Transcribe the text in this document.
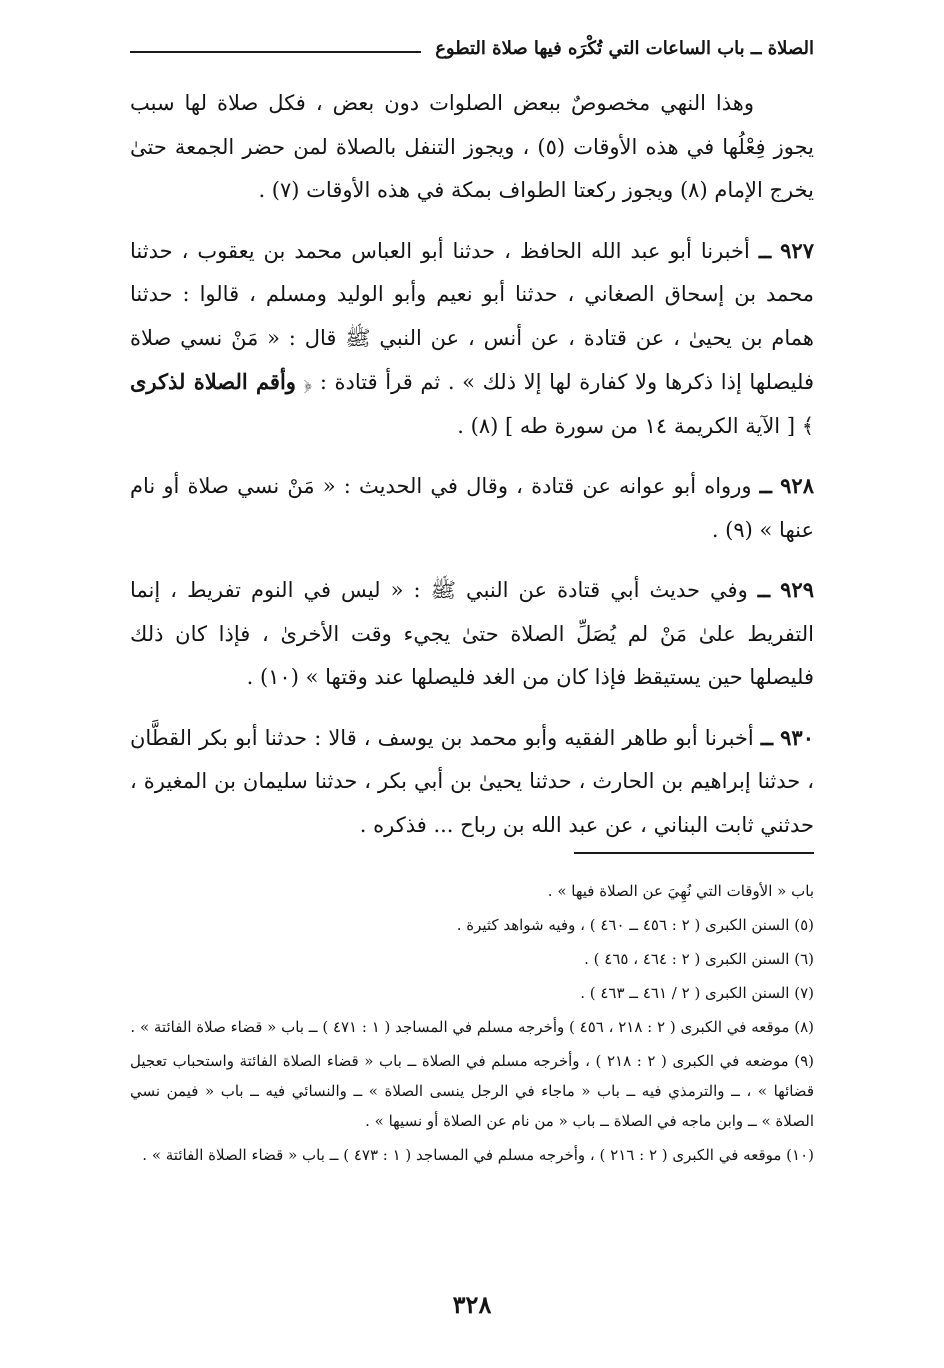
الصلاة ــ باب الساعات التي تُكْرَه فيها صلاة التطوع

وهذا النهي مخصوصٌ ببعض الصلوات دون بعض ، فكل صلاة لها سبب يجوز فِعْلُها في هذه الأوقات (٥) ، ويجوز التنفل بالصلاة لمن حضر الجمعة حتىٰ يخرج الإمام (٨) ويجوز ركعتا الطواف بمكة في هذه الأوقات (٧) .

٩٢٧ ــ أخبرنا أبو عبد الله الحافظ ، حدثنا أبو العباس محمد بن يعقوب ، حدثنا محمد بن إسحاق الصغاني ، حدثنا أبو نعيم وأبو الوليد ومسلم ، قالوا : حدثنا همام بن يحيىٰ ، عن قتادة ، عن أنس ، عن النبي ﷺ قال : « مَنْ نسي صلاة فليصلها إذا ذكرها ولا كفارة لها إلا ذلك » . ثم قرأ قتادة : ﴿ وأقم الصلاة لذكرى ﴾ [ الآية الكريمة ١٤ من سورة طه ] (٨) .

٩٢٨ ــ ورواه أبو عوانه عن قتادة ، وقال في الحديث : « مَنْ نسي صلاة أو نام عنها » (٩) .

٩٢٩ ــ وفي حديث أبي قتادة عن النبي ﷺ : « ليس في النوم تفريط ، إنما التفريط علىٰ مَنْ لم يُصَلِّ الصلاة حتىٰ يجيء وقت الأخرىٰ ، فإذا كان ذلك فليصلها حين يستيقظ فإذا كان من الغد فليصلها عند وقتها » (١٠) .

٩٣٠ ــ أخبرنا أبو طاهر الفقيه وأبو محمد بن يوسف ، قالا : حدثنا أبو بكر القطَّان ، حدثنا إبراهيم بن الحارث ، حدثنا يحيىٰ بن أبي بكر ، حدثنا سليمان بن المغيرة ، حدثني ثابت البناني ، عن عبد الله بن رباح ... فذكره .

باب « الأوقات التي نُهِيَ عن الصلاة فيها » .

(٥) السنن الكبرى ( ٢ : ٤٥٦ ــ ٤٦٠ ) ، وفيه شواهد كثيرة .

(٦) السنن الكبرى ( ٢ : ٤٦٤ ، ٤٦٥ ) .

(٧) السنن الكبرى ( ٢ / ٤٦١ ــ ٤٦٣ ) .

(٨) موقعه في الكبرى ( ٢ : ٢١٨ ، ٤٥٦ ) وأخرجه مسلم في المساجد ( ١ : ٤٧١ ) ــ باب « قضاء صلاة الفائتة » .

(٩) موضعه في الكبرى ( ٢ : ٢١٨ ) ، وأخرجه مسلم في الصلاة ــ باب « قضاء الصلاة الفائتة واستحباب تعجيل قضائها » ، ــ والترمذي فيه ــ باب « ماجاء في الرجل ينسى الصلاة » ــ والنسائي فيه ــ باب « فيمن نسي الصلاة » ــ وابن ماجه في الصلاة ــ باب « من نام عن الصلاة أو نسيها » .

(١٠) موقعه في الكبرى ( ٢ : ٢١٦ ) ، وأخرجه مسلم في المساجد ( ١ : ٤٧٣ ) ــ باب « قضاء الصلاة الفائتة » .

٣٢٨
